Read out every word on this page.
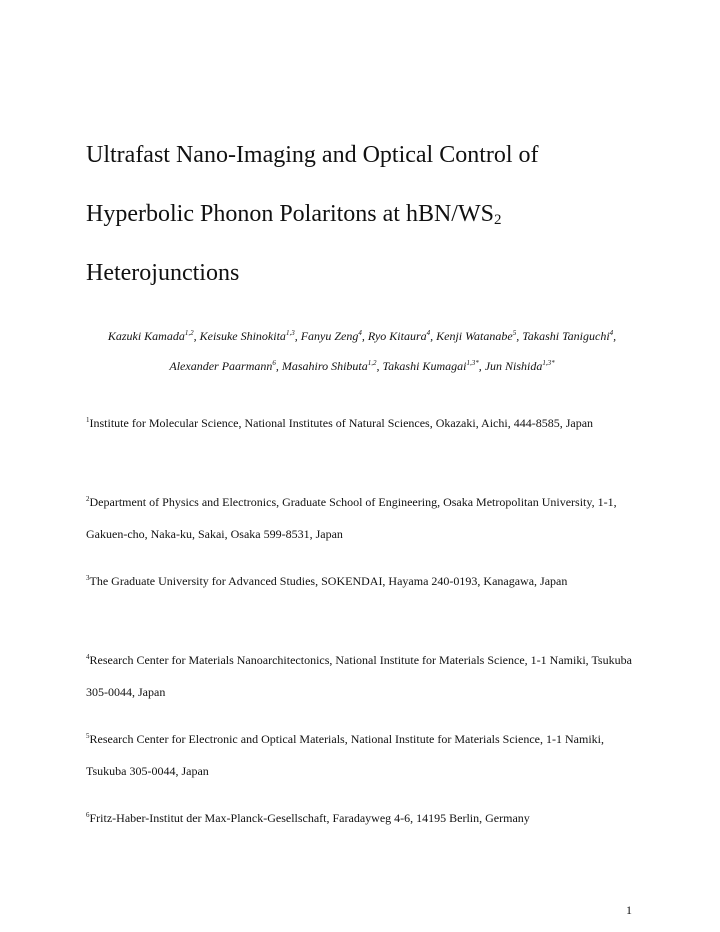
Ultrafast Nano-Imaging and Optical Control of
Hyperbolic Phonon Polaritons at hBN/$WS_2$
Heterojunctions

Kazuki Kamada$^{1,2}$, Keisuke Shinokita$^{1,3}$, Fanyu Zeng$^4$, Ryo Kitaura$^4$, Kenji Watanabe$^5$, Takashi Taniguchi$^4$, Alexander Paarmann$^6$, Masahiro Shibuta$^{1,2}$, Takashi Kumagai$^{1,3*}$, Jun Nishida$^{1,3*}$

$^1$Institute for Molecular Science, National Institutes of Natural Sciences, Okazaki, Aichi, 444-8585, Japan

$^2$Department of Physics and Electronics, Graduate School of Engineering, Osaka Metropolitan University, 1-1, Gakuen-cho, Naka-ku, Sakai, Osaka 599-8531, Japan

$^3$The Graduate University for Advanced Studies, SOKENDAI, Hayama 240-0193, Kanagawa, Japan

$^4$Research Center for Materials Nanoarchitectonics, National Institute for Materials Science, 1-1 Namiki, Tsukuba 305-0044, Japan

$^5$Research Center for Electronic and Optical Materials, National Institute for Materials Science, 1-1 Namiki, Tsukuba 305-0044, Japan

$^6$Fritz-Haber-Institut der Max-Planck-Gesellschaft, Faradayweg 4-6, 14195 Berlin, Germany

1
